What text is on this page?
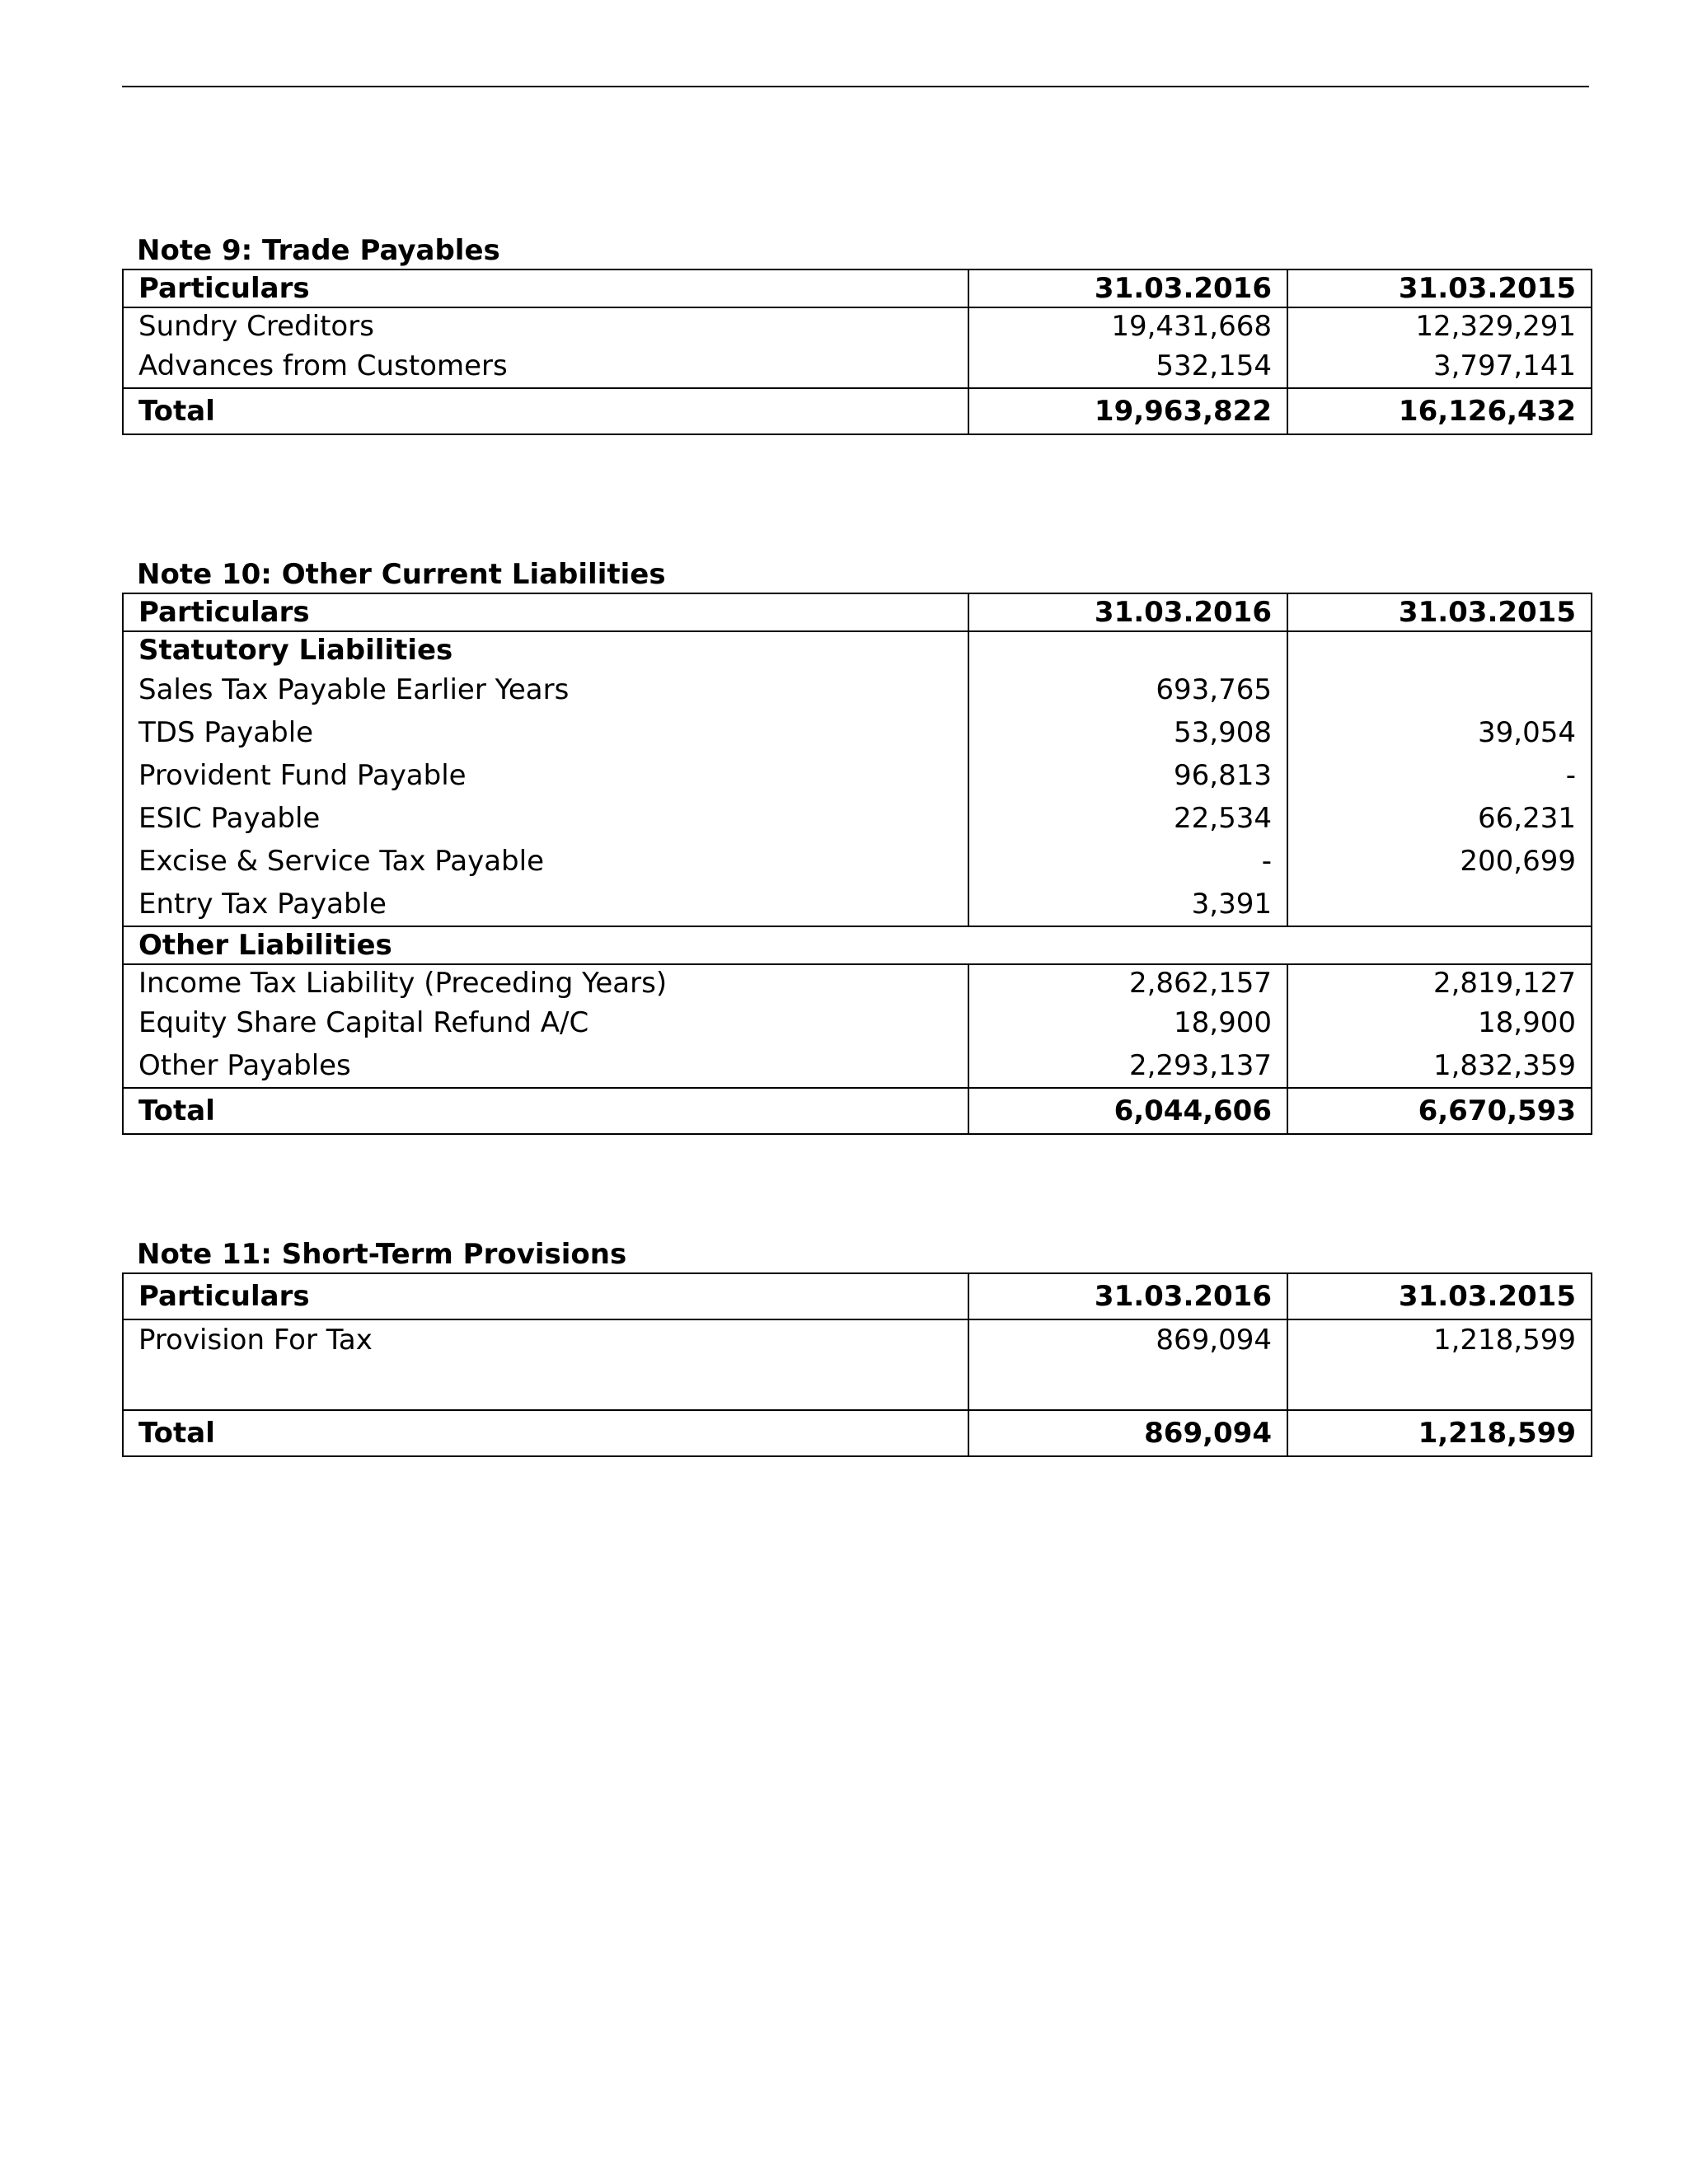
Note 9: Trade Payables
Particulars	31.03.2016	31.03.2015
Sundry Creditors	19,431,668	12,329,291
Advances from Customers	532,154	3,797,141
Total	19,963,822	16,126,432
Note 10: Other Current Liabilities
Particulars	31.03.2016	31.03.2015
Statutory Liabilities		
Sales Tax Payable Earlier Years	693,765	
TDS Payable	53,908	39,054
Provident Fund Payable	96,813	-
ESIC Payable	22,534	66,231
Excise & Service Tax Payable	-	200,699
Entry Tax Payable	3,391	
Other Liabilities		
Income Tax Liability (Preceding Years)	2,862,157	2,819,127
Equity Share Capital Refund A/C	18,900	18,900
Other Payables	2,293,137	1,832,359
Total	6,044,606	6,670,593
Note 11: Short-Term Provisions
Particulars	31.03.2016	31.03.2015
Provision For Tax	869,094	1,218,599

Total	869,094	1,218,599
